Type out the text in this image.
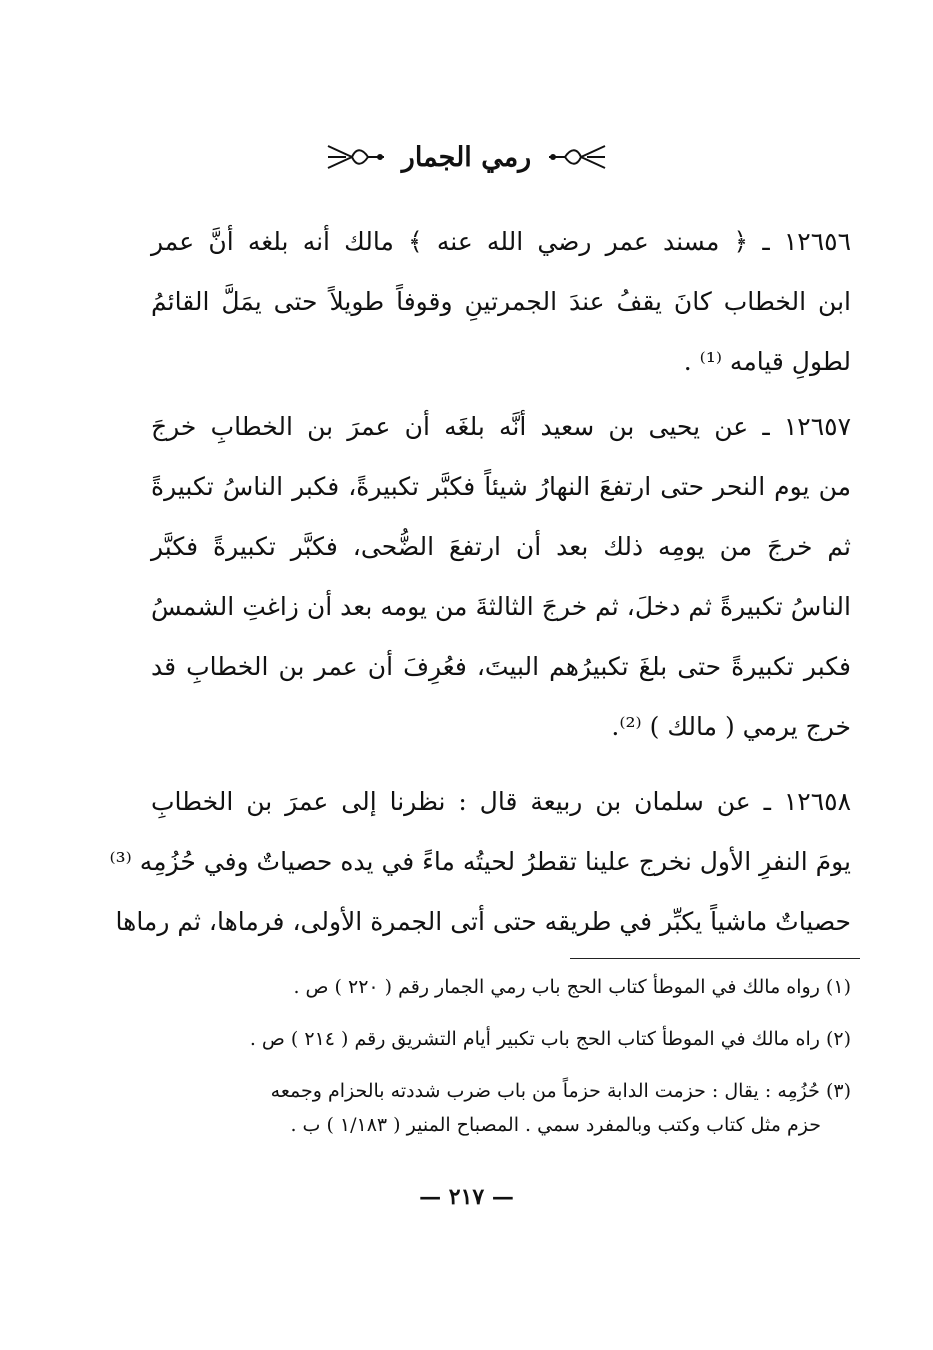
رمي الجمار
١٢٦٥٦ ـ ﴿ مسند عمر رضي الله عنه ﴾ مالك أنه بلغه أنَّ عمر
ابن الخطاب كانَ يقفُ عندَ الجمرتينِ وقوفاً طويلاً حتى يمَلَّ القائمُ
لطولِ قيامه ⁽¹⁾ .
١٢٦٥٧ ـ عن يحيى بن سعيد أنَّه بلغَه أن عمرَ بن الخطابِ خرجَ
من يوم النحر حتى ارتفعَ النهارُ شيئاً فكبَّر تكبيرةً، فكبر الناسُ تكبيرةً
ثم خرجَ من يومِه ذلك بعد أن ارتفعَ الضُّحى، فكبَّر تكبيرةً فكبَّر
الناسُ تكبيرةً ثم دخلَ، ثم خرجَ الثالثةَ من يومه بعد أن زاغتِ الشمسُ
فكبر تكبيرةً حتى بلغَ تكبيرُهم البيتَ، فعُرِفَ أن عمر بن الخطابِ قد
خرج يرمي ( مالك ) ⁽²⁾.
١٢٦٥٨ ـ عن سلمان بن ربيعة قال : نظرنا إلى عمرَ بن الخطابِ
يومَ النفرِ الأول نخرج علينا تقطرُ لحيتُه ماءً في يده حصياتٌ وفي حُزُمِه ⁽³⁾
حصياتٌ ماشياً يكبِّر في طريقه حتى أتى الجمرة الأولى، فرماها، ثم رماها
(١) رواه مالك في الموطأ كتاب الحج باب رمي الجمار رقم ( ٢٢٠ ) ص .
(٢) راه مالك في الموطأ كتاب الحج باب تكبير أيام التشريق رقم ( ٢١٤ ) ص .
(٣) حُزُمِه : يقال : حزمت الدابة حزماً من باب ضرب شددته بالحزام وجمعه
حزم مثل كتاب وكتب وبالمفرد سمي . المصباح المنير ( ١/١٨٣ ) ب .
— ٢١٧ —
